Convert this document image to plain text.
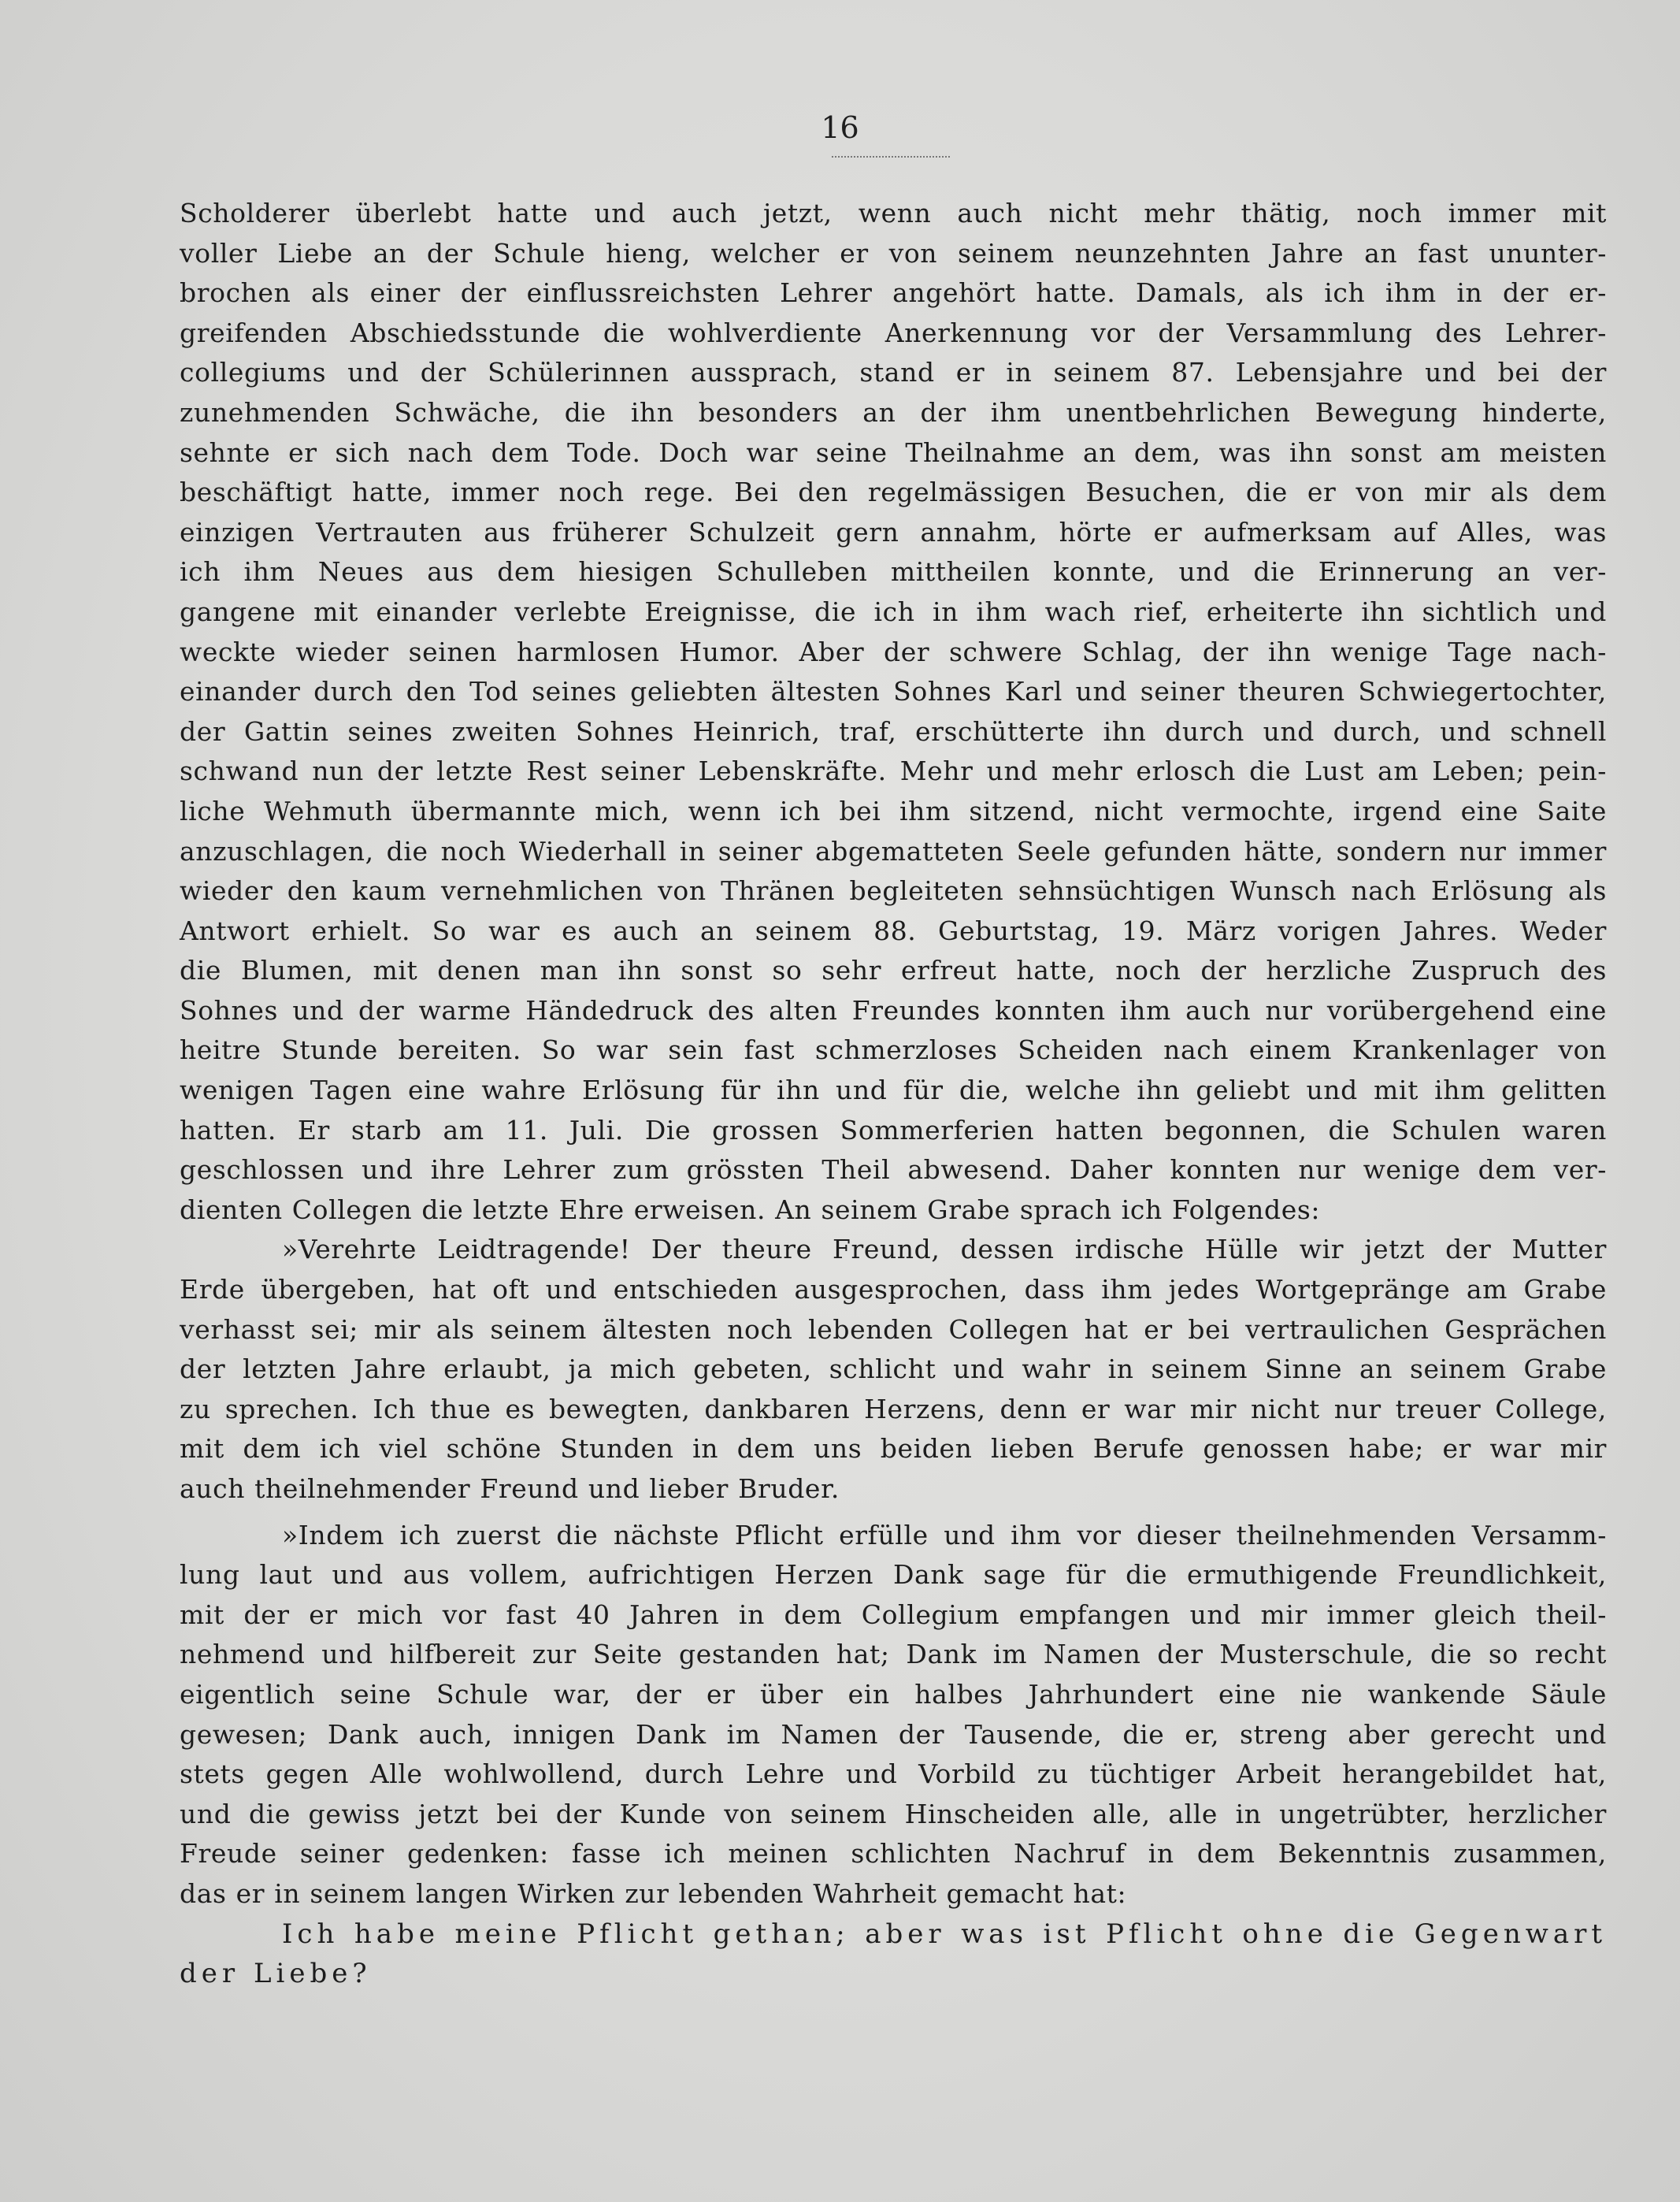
16
Scholderer überlebt hatte und auch jetzt, wenn auch nicht mehr thätig, noch immer mit
voller Liebe an der Schule hieng, welcher er von seinem neunzehnten Jahre an fast ununter-
brochen als einer der einflussreichsten Lehrer angehört hatte. Damals, als ich ihm in der er-
greifenden Abschiedsstunde die wohlverdiente Anerkennung vor der Versammlung des Lehrer-
collegiums und der Schülerinnen aussprach, stand er in seinem 87. Lebensjahre und bei der
zunehmenden Schwäche, die ihn besonders an der ihm unentbehrlichen Bewegung hinderte,
sehnte er sich nach dem Tode. Doch war seine Theilnahme an dem, was ihn sonst am meisten
beschäftigt hatte, immer noch rege. Bei den regelmässigen Besuchen, die er von mir als dem
einzigen Vertrauten aus früherer Schulzeit gern annahm, hörte er aufmerksam auf Alles, was
ich ihm Neues aus dem hiesigen Schulleben mittheilen konnte, und die Erinnerung an ver-
gangene mit einander verlebte Ereignisse, die ich in ihm wach rief, erheiterte ihn sichtlich und
weckte wieder seinen harmlosen Humor. Aber der schwere Schlag, der ihn wenige Tage nach-
einander durch den Tod seines geliebten ältesten Sohnes Karl und seiner theuren Schwiegertochter,
der Gattin seines zweiten Sohnes Heinrich, traf, erschütterte ihn durch und durch, und schnell
schwand nun der letzte Rest seiner Lebenskräfte. Mehr und mehr erlosch die Lust am Leben; pein-
liche Wehmuth übermannte mich, wenn ich bei ihm sitzend, nicht vermochte, irgend eine Saite
anzuschlagen, die noch Wiederhall in seiner abgematteten Seele gefunden hätte, sondern nur immer
wieder den kaum vernehmlichen von Thränen begleiteten sehnsüchtigen Wunsch nach Erlösung als
Antwort erhielt. So war es auch an seinem 88. Geburtstag, 19. März vorigen Jahres. Weder
die Blumen, mit denen man ihn sonst so sehr erfreut hatte, noch der herzliche Zuspruch des
Sohnes und der warme Händedruck des alten Freundes konnten ihm auch nur vorübergehend eine
heitre Stunde bereiten. So war sein fast schmerzloses Scheiden nach einem Krankenlager von
wenigen Tagen eine wahre Erlösung für ihn und für die, welche ihn geliebt und mit ihm gelitten
hatten. Er starb am 11. Juli. Die grossen Sommerferien hatten begonnen, die Schulen waren
geschlossen und ihre Lehrer zum grössten Theil abwesend. Daher konnten nur wenige dem ver-
dienten Collegen die letzte Ehre erweisen. An seinem Grabe sprach ich Folgendes:
»Verehrte Leidtragende! Der theure Freund, dessen irdische Hülle wir jetzt der Mutter
Erde übergeben, hat oft und entschieden ausgesprochen, dass ihm jedes Wortgepränge am Grabe
verhasst sei; mir als seinem ältesten noch lebenden Collegen hat er bei vertraulichen Gesprächen
der letzten Jahre erlaubt, ja mich gebeten, schlicht und wahr in seinem Sinne an seinem Grabe
zu sprechen. Ich thue es bewegten, dankbaren Herzens, denn er war mir nicht nur treuer College,
mit dem ich viel schöne Stunden in dem uns beiden lieben Berufe genossen habe; er war mir
auch theilnehmender Freund und lieber Bruder.
»Indem ich zuerst die nächste Pflicht erfülle und ihm vor dieser theilnehmenden Versamm-
lung laut und aus vollem, aufrichtigen Herzen Dank sage für die ermuthigende Freundlichkeit,
mit der er mich vor fast 40 Jahren in dem Collegium empfangen und mir immer gleich theil-
nehmend und hilfbereit zur Seite gestanden hat; Dank im Namen der Musterschule, die so recht
eigentlich seine Schule war, der er über ein halbes Jahrhundert eine nie wankende Säule
gewesen; Dank auch, innigen Dank im Namen der Tausende, die er, streng aber gerecht und
stets gegen Alle wohlwollend, durch Lehre und Vorbild zu tüchtiger Arbeit herangebildet hat,
und die gewiss jetzt bei der Kunde von seinem Hinscheiden alle, alle in ungetrübter, herzlicher
Freude seiner gedenken: fasse ich meinen schlichten Nachruf in dem Bekenntnis zusammen,
das er in seinem langen Wirken zur lebenden Wahrheit gemacht hat:
Ich habe meine Pflicht gethan; aber was ist Pflicht ohne die Gegenwart
der Liebe?
